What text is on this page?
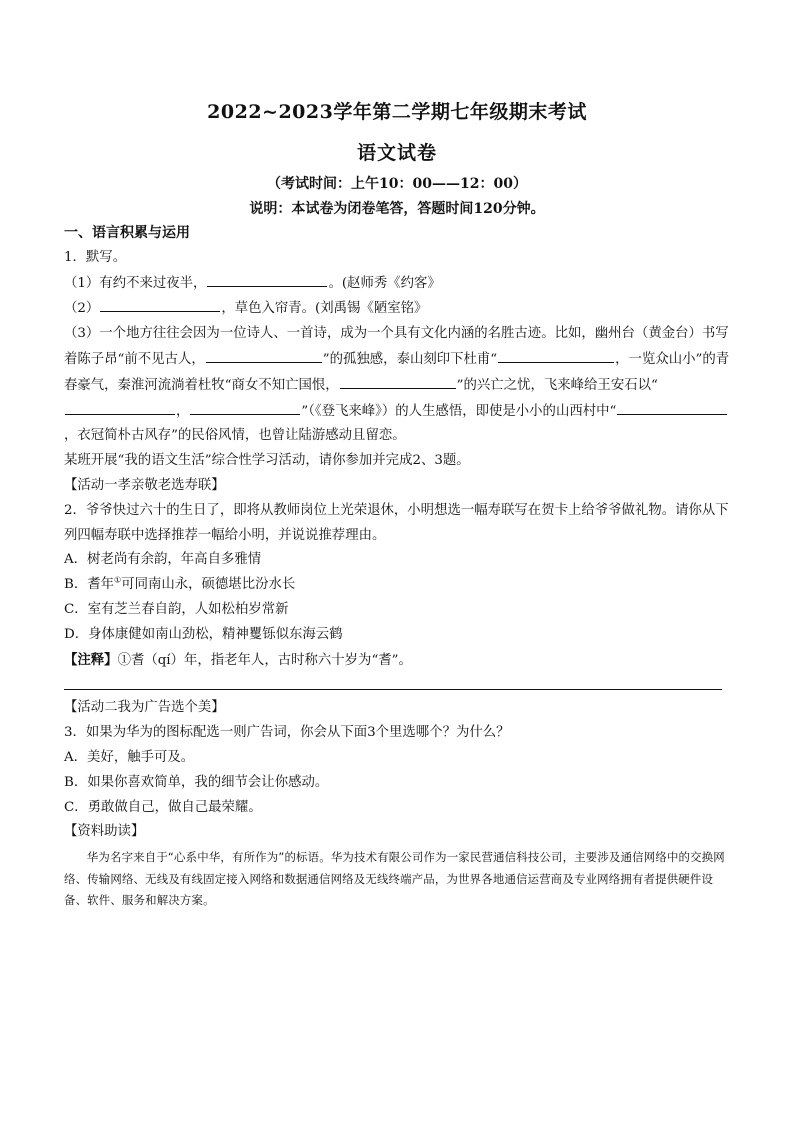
2022~2023学年第二学期七年级期末考试
语文试卷
（考试时间：上午10：00——12：00）
说明：本试卷为闭卷笔答，答题时间120分钟。

一、语言积累与运用

1．默写。

（1）有约不来过夜半，	。(赵师秀《约客》

（2）	，草色入帘青。(刘禹锡《陋室铭》

（3）一个地方往往会因为一位诗人、一首诗，成为一个具有文化内涵的名胜古迹。比如，幽州台（黄金台）书写着陈子昂“前不见古人，	”的孤独感，泰山刻印下杜甫“	，一览众山小”的青春豪气，秦淮河流淌着杜牧“商女不知亡国恨，	”的兴亡之忧，飞来峰给王安石以“，	”（《登飞来峰》）的人生感悟，即使是小小的山西村中“，衣冠简朴古风存”的民俗风情，也曾让陆游感动且留恋。

某班开展“我的语文生活”综合性学习活动，请你参加并完成2、3题。

【活动一孝亲敬老选寿联】

2．爷爷快过六十的生日了，即将从教师岗位上光荣退休，小明想选一幅寿联写在贺卡上给爷爷做礼物。请你从下列四幅寿联中选择推荐一幅给小明，并说说推荐理由。

A．树老尚有余韵，年高自多雅情

B．耆年①可同南山永，硕德堪比汾水长

C．室有芝兰春自韵，人如松柏岁常新

D．身体康健如南山劲松，精神矍铄似东海云鹤

【注释】①耆（qí）年，指老年人，古时称六十岁为“耆”。

【活动二我为广告选个美】

3．如果为华为的图标配选一则广告词，你会从下面3个里选哪个？为什么？

A．美好，触手可及。

B．如果你喜欢简单，我的细节会让你感动。

C．勇敢做自己，做自己最荣耀。

【资料助读】

华为名字来自于“心系中华，有所作为”的标语。华为技术有限公司作为一家民营通信科技公司，主要涉及通信网络中的交换网络、传输网络、无线及有线固定接入网络和数据通信网络及无线终端产品，为世界各地通信运营商及专业网络拥有者提供硬件设备、软件、服务和解决方案。
